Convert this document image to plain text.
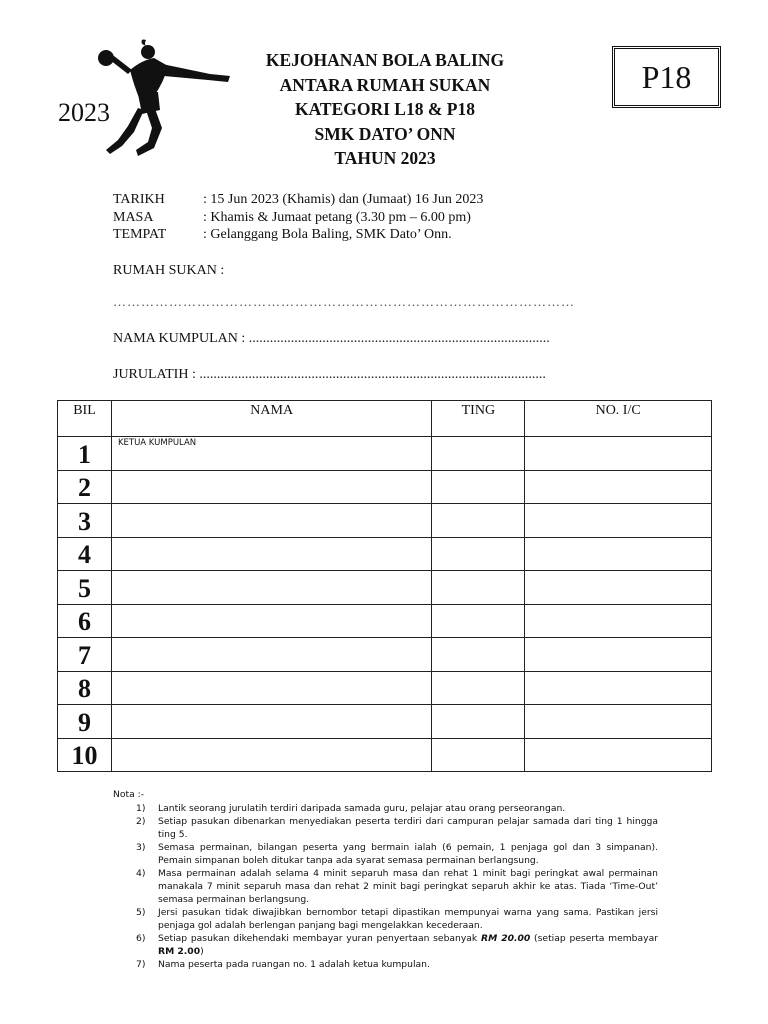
2023
KEJOHANAN BOLA BALING
ANTARA RUMAH SUKAN
KATEGORI L18 & P18
SMK DATO’ ONN
TAHUN 2023
P18
TARIKH	: 15 Jun 2023 (Khamis) dan (Jumaat) 16 Jun 2023
MASA	: Khamis & Jumaat petang (3.30 pm – 6.00 pm)
TEMPAT	: Gelanggang Bola Baling, SMK Dato’ Onn.
RUMAH SUKAN :
………………………………………………………………………………………
NAMA KUMPULAN : ......................................................................................
JURULATIH : ...................................................................................................
BIL	NAMA	TING	NO. I/C
1	KETUA KUMPULAN		

2			
3			
4			
5			
6			
7			
8			
9			
10			
Nota :-
1)	Lantik seorang jurulatih terdiri daripada samada guru, pelajar atau orang perseorangan.
2)	Setiap pasukan dibenarkan menyediakan peserta terdiri dari campuran pelajar samada dari ting 1 hingga ting 5.
3)	Semasa permainan, bilangan peserta yang bermain ialah (6 pemain, 1 penjaga gol dan 3 simpanan). Pemain simpanan boleh ditukar tanpa ada syarat semasa permainan berlangsung.
4)	Masa permainan adalah selama 4 minit separuh masa dan rehat 1 minit bagi peringkat awal permainan manakala 7 minit separuh masa dan rehat 2 minit bagi peringkat separuh akhir ke atas. Tiada ‘Time-Out’ semasa permainan berlangsung.
5)	Jersi pasukan tidak diwajibkan bernombor tetapi dipastikan mempunyai warna yang sama. Pastikan jersi penjaga gol adalah berlengan panjang bagi mengelakkan kecederaan.
6)	Setiap pasukan dikehendaki membayar yuran penyertaan sebanyak RM 20.00 (setiap peserta membayar RM 2.00)
7)	Nama peserta pada ruangan no. 1 adalah ketua kumpulan.
